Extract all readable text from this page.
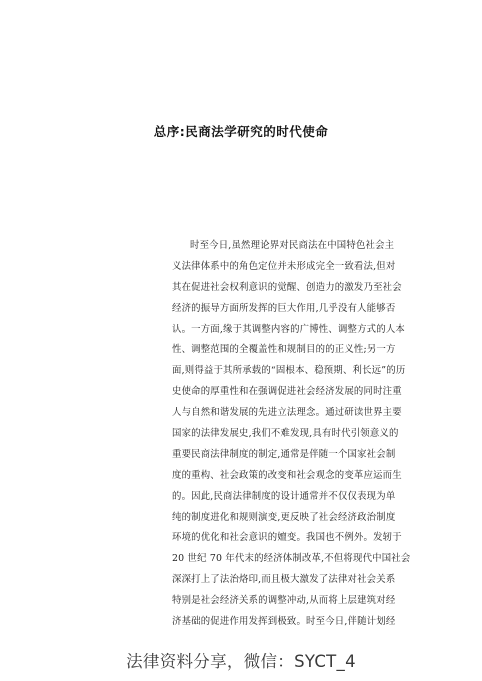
总序:民商法学研究的时代使命
时至今日,虽然理论界对民商法在中国特色社会主
义法律体系中的角色定位并未形成完全一致看法,但对
其在促进社会权利意识的觉醒、创造力的激发乃至社会
经济的振导方面所发挥的巨大作用,几乎没有人能够否
认。一方面,缘于其调整内容的广博性、调整方式的人本
性、调整范围的全覆盖性和规制目的的正义性;另一方
面,则得益于其所承载的“固根本、稳预期、利长远”的历
史使命的厚重性和在强调促进社会经济发展的同时注重
人与自然和谐发展的先进立法理念。通过研读世界主要
国家的法律发展史,我们不难发现,具有时代引领意义的
重要民商法律制度的制定,通常是伴随一个国家社会制
度的重构、社会政策的改变和社会观念的变革应运而生
的。因此,民商法律制度的设计通常并不仅仅表现为单
纯的制度进化和规则演变,更反映了社会经济政治制度
环境的优化和社会意识的嬗变。我国也不例外。发轫于
20 世纪 70 年代末的经济体制改革,不但将现代中国社会
深深打上了法治烙印,而且极大激发了法律对社会关系
特别是社会经济关系的调整冲动,从而将上层建筑对经
济基础的促进作用发挥到极致。时至今日,伴随计划经
法律资料分享，微信：SYCT_4
